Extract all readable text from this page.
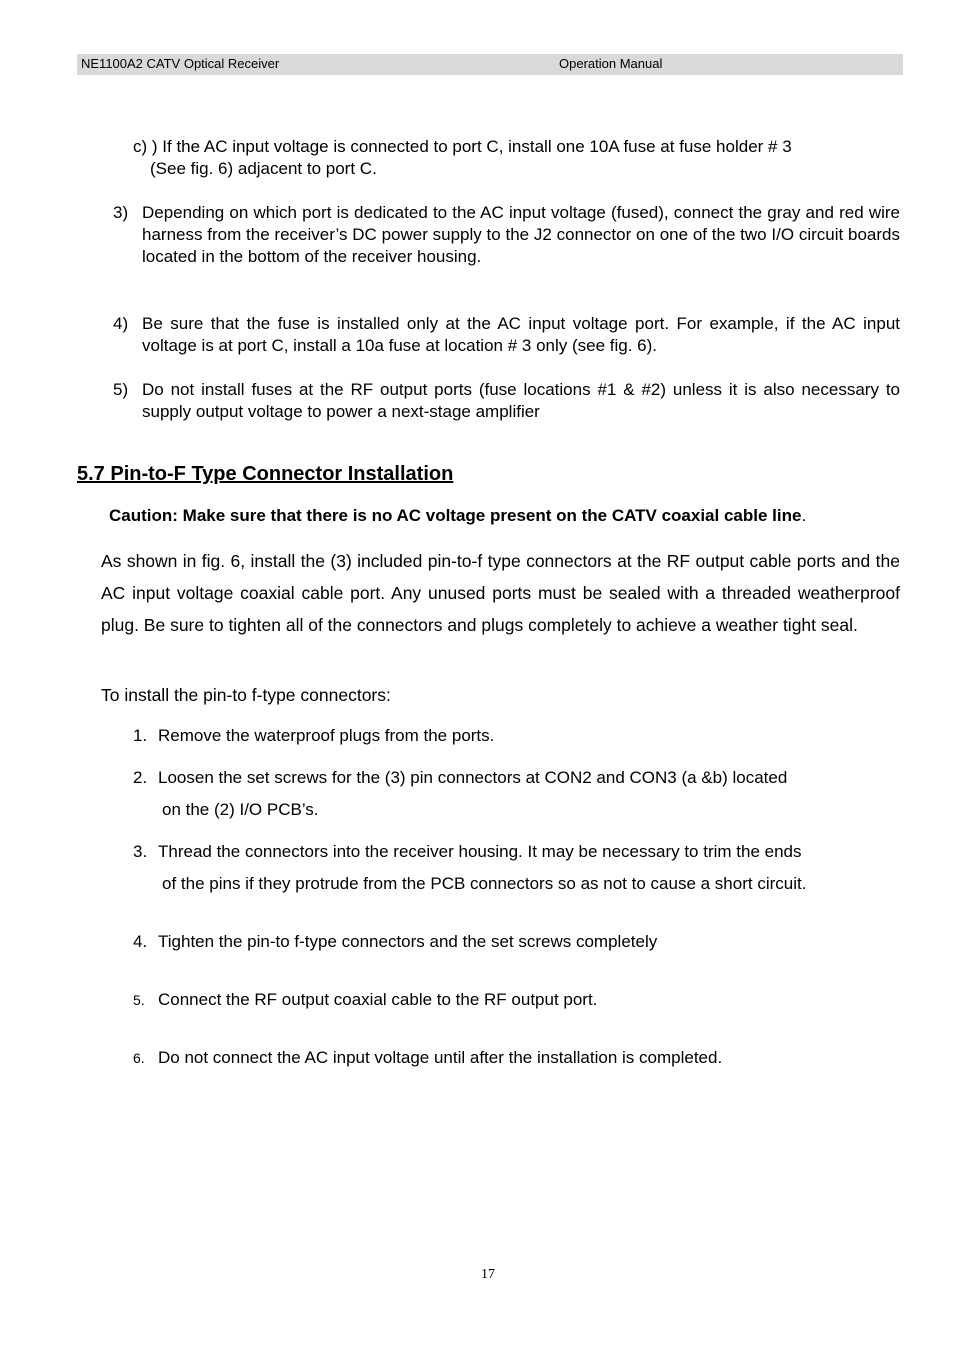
NE1100A2 CATV Optical Receiver	Operation Manual
c) ) If the AC input voltage is connected to port C, install one 10A fuse at fuse holder # 3
(See fig. 6) adjacent to port C.
3) Depending on which port is dedicated to the AC input voltage (fused), connect the gray and red wire harness from the receiver’s DC power supply to the J2 connector on one of the two I/O circuit boards located in the bottom of the receiver housing.
4) Be sure that the fuse is installed only at the AC input voltage port. For example, if the AC input voltage is at port C, install a 10a fuse at location # 3 only (see fig. 6).
5) Do not install fuses at the RF output ports (fuse locations #1 & #2) unless it is also necessary to supply output voltage to power a next-stage amplifier
5.7 Pin-to-F Type Connector Installation
Caution: Make sure that there is no AC voltage present on the CATV coaxial cable line.
As shown in fig. 6, install the (3) included pin-to-f type connectors at the RF output cable ports and the AC input voltage coaxial cable port. Any unused ports must be sealed with a threaded weatherproof plug. Be sure to tighten all of the connectors and plugs completely to achieve a weather tight seal.
To install the pin-to f-type connectors:
1. Remove the waterproof plugs from the ports.
2. Loosen the set screws for the (3) pin connectors at CON2 and CON3 (a &b) located
on the (2) I/O PCB’s.
3. Thread the connectors into the receiver housing. It may be necessary to trim the ends
of the pins if they protrude from the PCB connectors so as not to cause a short circuit.
4. Tighten the pin-to f-type connectors and the set screws completely
5. Connect the RF output coaxial cable to the RF output port.
6. Do not connect the AC input voltage until after the installation is completed.
17
